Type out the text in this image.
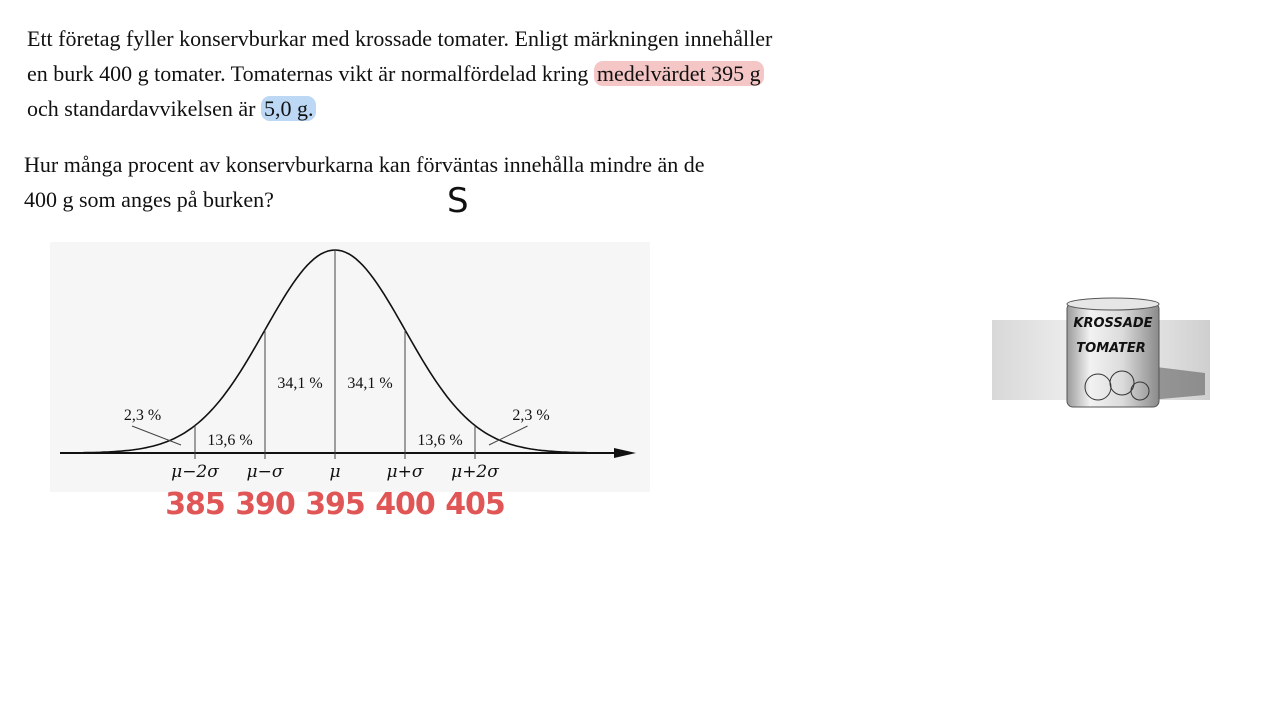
Ett företag fyller konservburkar med krossade tomater. Enligt märkningen innehåller
en burk 400 g tomater. Tomaternas vikt är normalfördelad kring medelvärdet 395 g
och standardavvikelsen är 5,0 g.
Hur många procent av konservburkarna kan förväntas innehålla mindre än de
400 g som anges på burken?	S
μ−2σ μ−σ	μ	μ+σ μ+2σ
2,3 %
13,6 %
34,1 % 34,1 %
13,6 %
2,3 %
385 390 395 400 405
KROSSADE
TOMATER
